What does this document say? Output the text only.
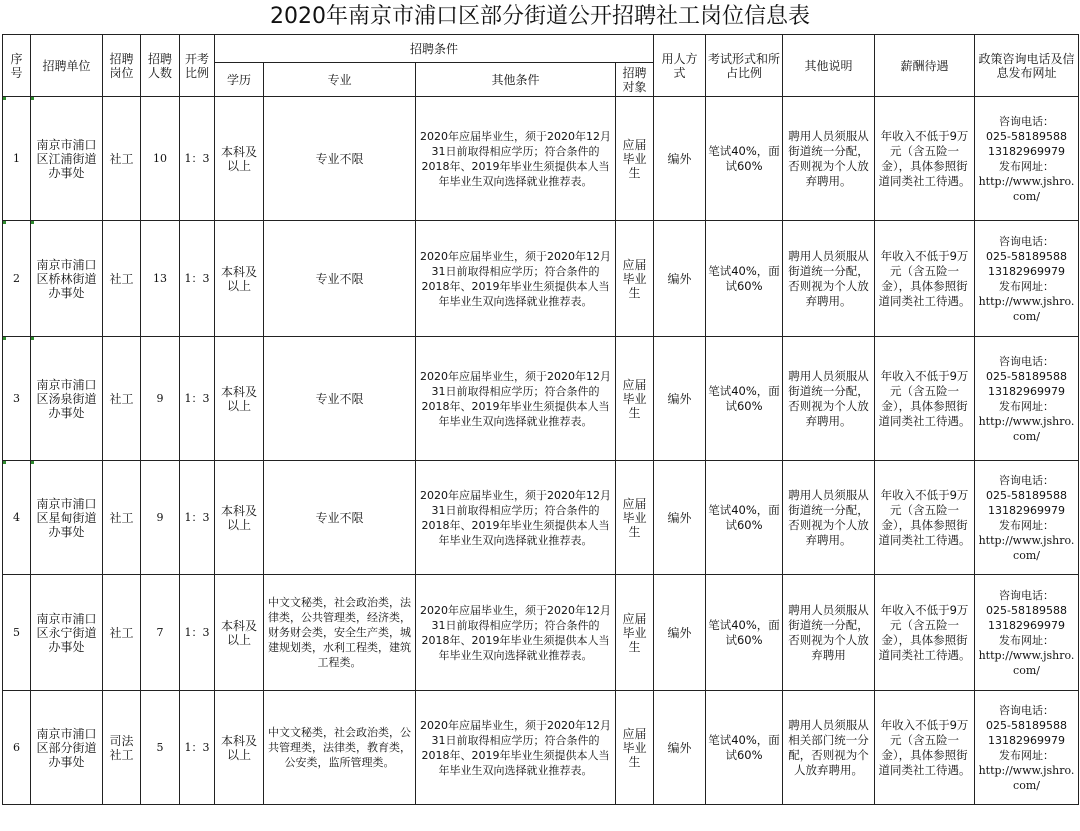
2020年南京市浦口区部分街道公开招聘社工岗位信息表
序号	招聘单位	招聘岗位	招聘人数	开考比例	招聘条件				用人方式	考试形式和所占比例	其他说明	薪酬待遇	政策咨询电话及信息发布网址
					学历	专业	其他条件	招聘对象					
1	南京市浦口区江浦街道办事处	社工	10	1：3	本科及以上	专业不限	2020年应届毕业生，须于2020年12月31日前取得相应学历；符合条件的2018年、2019年毕业生须提供本人当年毕业生双向选择就业推荐表。	应届毕业生	编外	笔试40%，面试60%	聘用人员须服从街道统一分配，否则视为个人放弃聘用。	年收入不低于9万元（含五险一金），具体参照街道同类社工待遇。	咨询电话：
025-58189588
13182969979
发布网址：
http://www.jshro.com/

2	南京市浦口区桥林街道办事处	社工	13	1：3	本科及以上	专业不限	2020年应届毕业生，须于2020年12月31日前取得相应学历；符合条件的2018年、2019年毕业生须提供本人当年毕业生双向选择就业推荐表。	应届毕业生	编外	笔试40%，面试60%	聘用人员须服从街道统一分配，否则视为个人放弃聘用。	年收入不低于9万元（含五险一金），具体参照街道同类社工待遇。	咨询电话：
025-58189588
13182969979
发布网址：
http://www.jshro.com/

3	南京市浦口区汤泉街道办事处	社工	9	1：3	本科及以上	专业不限	2020年应届毕业生，须于2020年12月31日前取得相应学历；符合条件的2018年、2019年毕业生须提供本人当年毕业生双向选择就业推荐表。	应届毕业生	编外	笔试40%，面试60%	聘用人员须服从街道统一分配，否则视为个人放弃聘用。	年收入不低于9万元（含五险一金），具体参照街道同类社工待遇。	咨询电话：
025-58189588
13182969979
发布网址：
http://www.jshro.com/

4	南京市浦口区星甸街道办事处	社工	9	1：3	本科及以上	专业不限	2020年应届毕业生，须于2020年12月31日前取得相应学历；符合条件的2018年、2019年毕业生须提供本人当年毕业生双向选择就业推荐表。	应届毕业生	编外	笔试40%，面试60%	聘用人员须服从街道统一分配，否则视为个人放弃聘用。	年收入不低于9万元（含五险一金），具体参照街道同类社工待遇。	咨询电话：
025-58189588
13182969979
发布网址：
http://www.jshro.com/

5	南京市浦口区永宁街道办事处	社工	7	1：3	本科及以上	中文文秘类，社会政治类，法律类，公共管理类，经济类，财务财会类，安全生产类，城建规划类，水利工程类，建筑工程类。	2020年应届毕业生，须于2020年12月31日前取得相应学历；符合条件的2018年、2019年毕业生须提供本人当年毕业生双向选择就业推荐表。	应届毕业生	编外	笔试40%，面试60%	聘用人员须服从街道统一分配，否则视为个人放弃聘用	年收入不低于9万元（含五险一金），具体参照街道同类社工待遇。	咨询电话：
025-58189588
13182969979
发布网址：
http://www.jshro.com/

6	南京市浦口区部分街道办事处	司法社工	5	1：3	本科及以上	中文文秘类，社会政治类，公共管理类，法律类，教育类，公安类，监所管理类。	2020年应届毕业生，须于2020年12月31日前取得相应学历；符合条件的2018年、2019年毕业生须提供本人当年毕业生双向选择就业推荐表。	应届毕业生	编外	笔试40%，面试60%	聘用人员须服从相关部门统一分配，否则视为个人放弃聘用。	年收入不低于9万元（含五险一金），具体参照街道同类社工待遇。	咨询电话：
025-58189588
13182969979
发布网址：
http://www.jshro.com/
